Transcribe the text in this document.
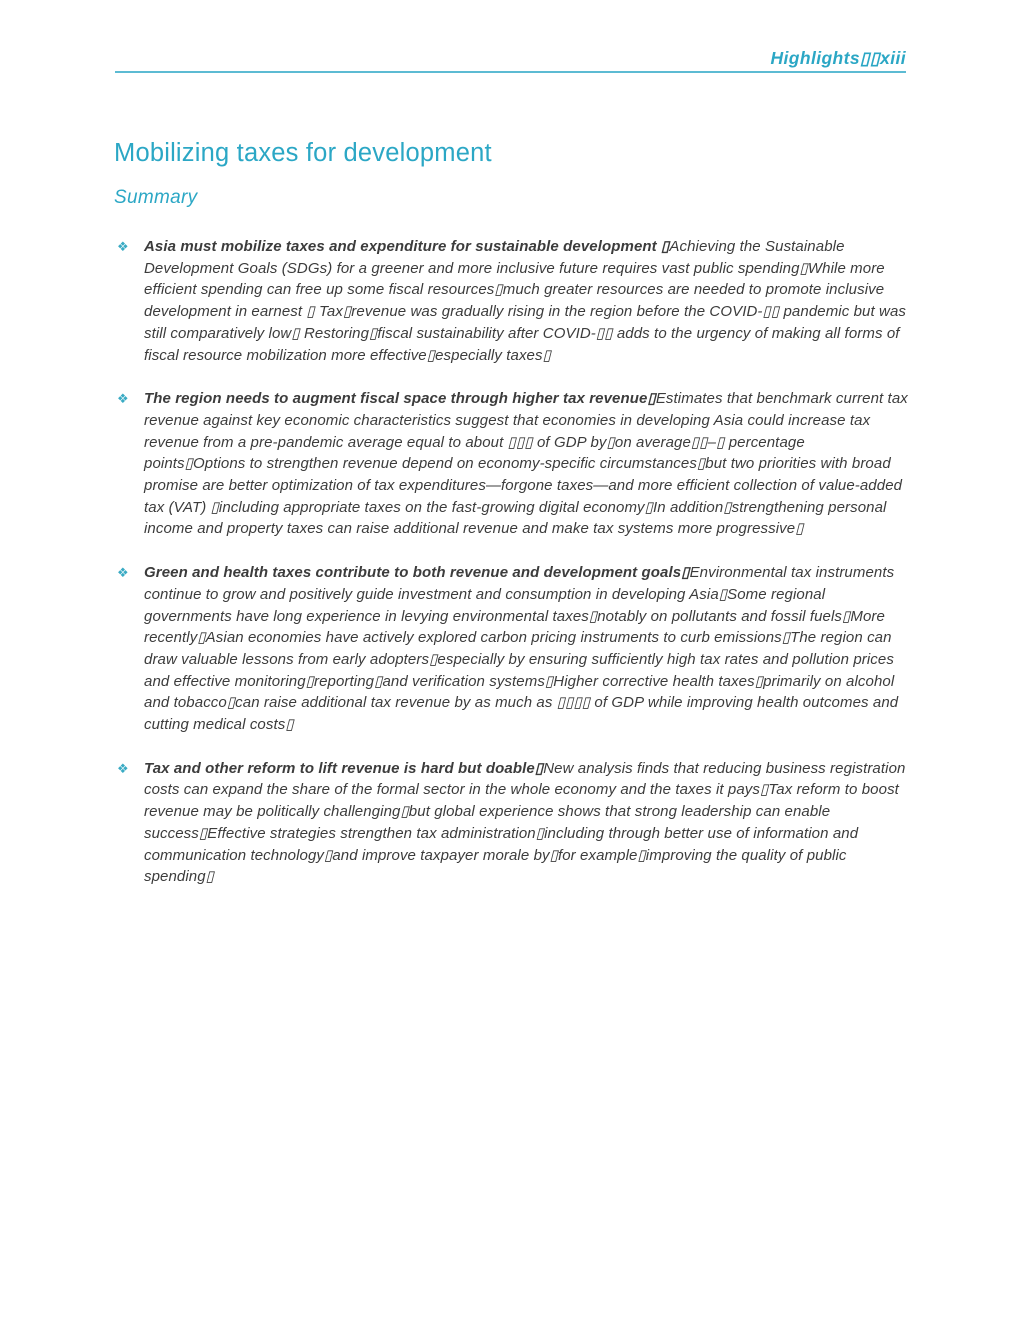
Highlights▯▯xiii
Mobilizing taxes for development
Summary
❖	Asia must mobilize taxes and expenditure for sustainable development ▯Achieving the Sustainable Development Goals (SDGs) for a greener and more inclusive future requires vast public spending▯While more efficient spending can free up some fiscal resources▯much greater resources are needed to promote inclusive development in earnest ▯ Tax▯revenue was gradually rising in the region before the COVID-▯▯ pandemic but was still comparatively low▯ Restoring▯fiscal sustainability after COVID-▯▯ adds to the urgency of making all forms of fiscal resource mobilization more effective▯especially taxes▯
❖	The region needs to augment fiscal space through higher tax revenue▯Estimates that benchmark current tax revenue against key economic characteristics suggest that economies in developing Asia could increase tax revenue from a pre-pandemic average equal to about ▯▯▯ of GDP by▯on average▯▯–▯ percentage points▯Options to strengthen revenue depend on economy-specific circumstances▯but two priorities with broad promise are better optimization of tax expenditures—forgone taxes—and more efficient collection of value-added tax (VAT) ▯including appropriate taxes on the fast-growing digital economy▯In addition▯strengthening personal income and property taxes can raise additional revenue and make tax systems more progressive▯
❖	Green and health taxes contribute to both revenue and development goals▯Environmental tax instruments continue to grow and positively guide investment and consumption in developing Asia▯Some regional governments have long experience in levying environmental taxes▯notably on pollutants and fossil fuels▯More recently▯Asian economies have actively explored carbon pricing instruments to curb emissions▯The region can draw valuable lessons from early adopters▯especially by ensuring sufficiently high tax rates and pollution prices and effective monitoring▯reporting▯and verification systems▯Higher corrective health taxes▯primarily on alcohol and tobacco▯can raise additional tax revenue by as much as ▯▯▯▯ of GDP while improving health outcomes and cutting medical costs▯
❖	Tax and other reform to lift revenue is hard but doable▯New analysis finds that reducing business registration costs can expand the share of the formal sector in the whole economy and the taxes it pays▯Tax reform to boost revenue may be politically challenging▯but global experience shows that strong leadership can enable success▯Effective strategies strengthen tax administration▯including through better use of information and communication technology▯and improve taxpayer morale by▯for example▯improving the quality of public spending▯
